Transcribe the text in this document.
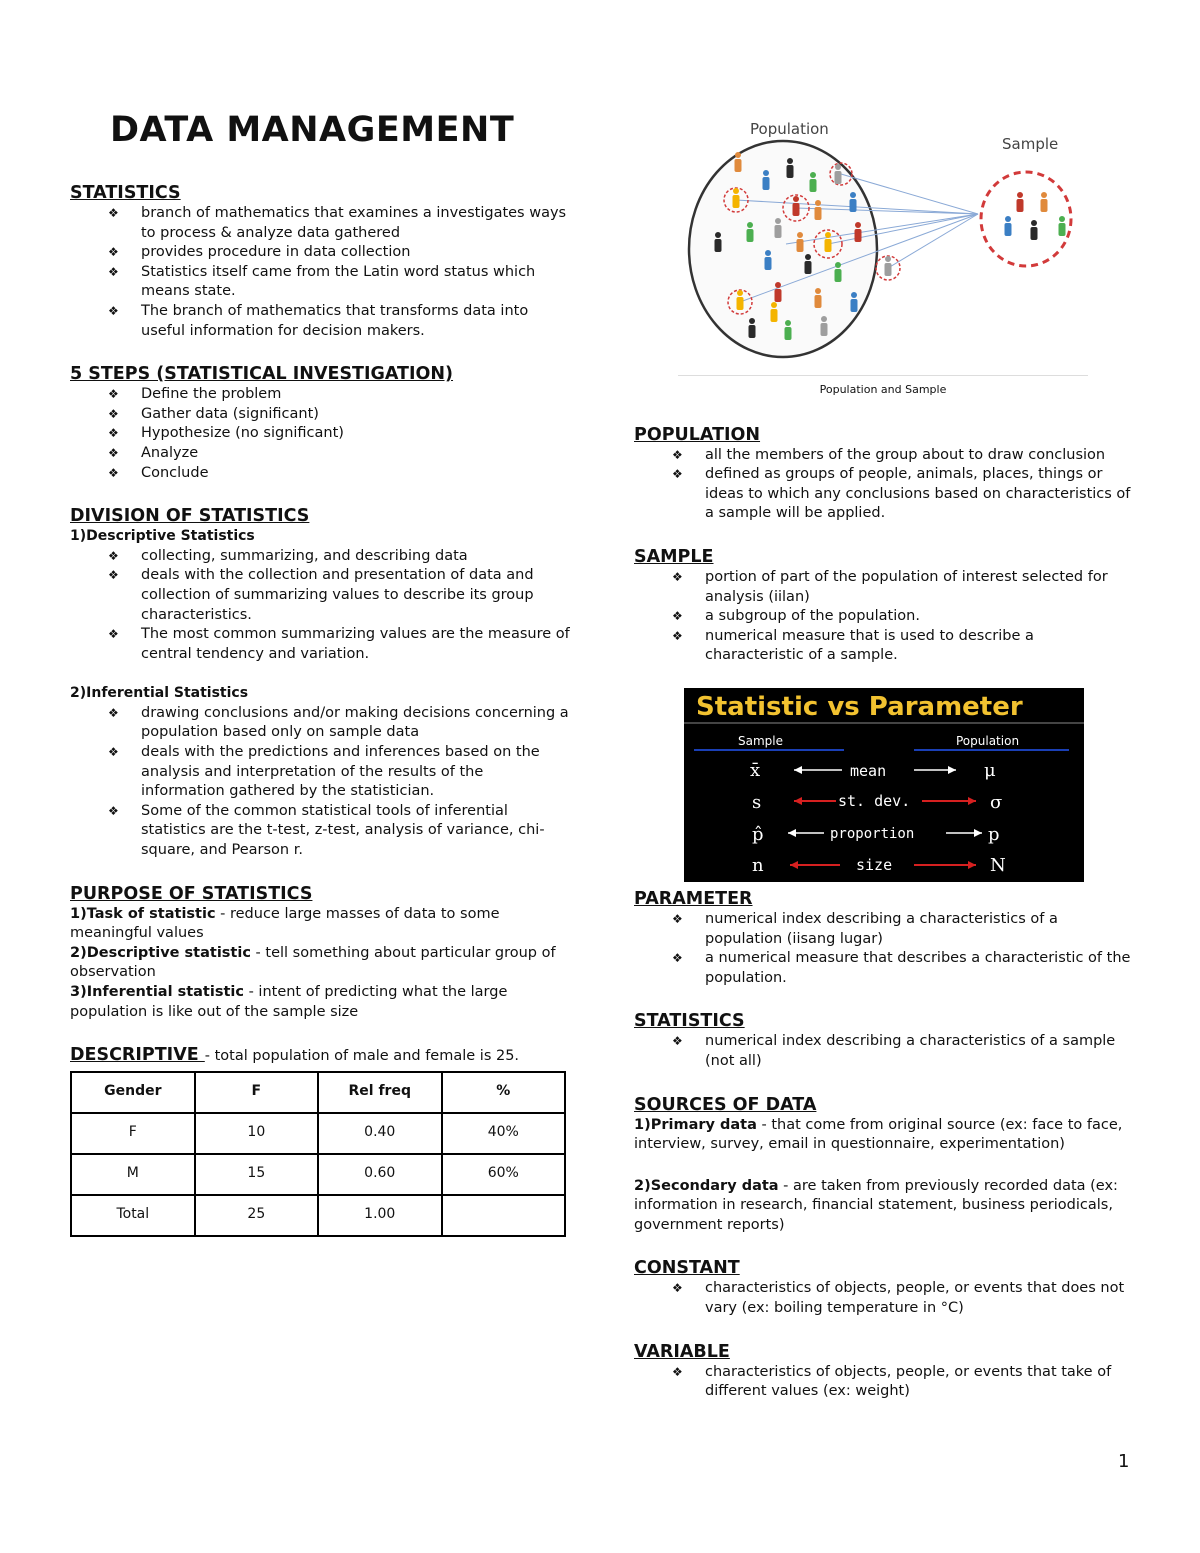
DATA MANAGEMENT
STATISTICS
❖ branch of mathematics that examines a investigates ways to process & analyze data gathered
❖ provides procedure in data collection
❖ Statistics itself came from the Latin word status which means state.
❖ The branch of mathematics that transforms data into useful information for decision makers.
5 STEPS (STATISTICAL INVESTIGATION)
❖ Define the problem
❖ Gather data (significant)
❖ Hypothesize (no significant)
❖ Analyze
❖ Conclude
DIVISION OF STATISTICS
1)Descriptive Statistics
❖ collecting, summarizing, and describing data
❖ deals with the collection and presentation of data and collection of summarizing values to describe its group characteristics.
❖ The most common summarizing values are the measure of central tendency and variation.
2)Inferential Statistics
❖ drawing conclusions and/or making decisions concerning a population based only on sample data
❖ deals with the predictions and inferences based on the analysis and interpretation of the results of the information gathered by the statistician.
❖ Some of the common statistical tools of inferential statistics are the t-test, z-test, analysis of variance, chi-square, and Pearson r.
PURPOSE OF STATISTICS
1)Task of statistic - reduce large masses of data to some meaningful values
2)Descriptive statistic - tell something about particular group of observation
3)Inferential statistic - intent of predicting what the large population is like out of the sample size
DESCRIPTIVE - total population of male and female is 25.
Gender	F	Rel freq	%
F	10	0.40	40%
M	15	0.60	60%
Total	25	1.00	
Population
Sample
Population and Sample
POPULATION
❖ all the members of the group about to draw conclusion
❖ defined as groups of people, animals, places, things or ideas to which any conclusions based on characteristics of a sample will be applied.
SAMPLE
❖ portion of part of the population of interest selected for analysis (iilan)
❖ a subgroup of the population.
❖ numerical measure that is used to describe a characteristic of a sample.
Statistic vs Parameter
Sample	Population
x̄	mean	μ
s	st. dev.	σ
p̂	proportion	p
n	size	N
PARAMETER
❖ numerical index describing a characteristics of a population (iisang lugar)
❖ a numerical measure that describes a characteristic of the population.
STATISTICS
❖ numerical index describing a characteristics of a sample (not all)
SOURCES OF DATA
1)Primary data - that come from original source (ex: face to face, interview, survey, email in questionnaire, experimentation)
2)Secondary data - are taken from previously recorded data (ex: information in research, financial statement, business periodicals, government reports)
CONSTANT
❖ characteristics of objects, people, or events that does not vary (ex: boiling temperature in °C)
VARIABLE
❖ characteristics of objects, people, or events that take of different values (ex: weight)
1
